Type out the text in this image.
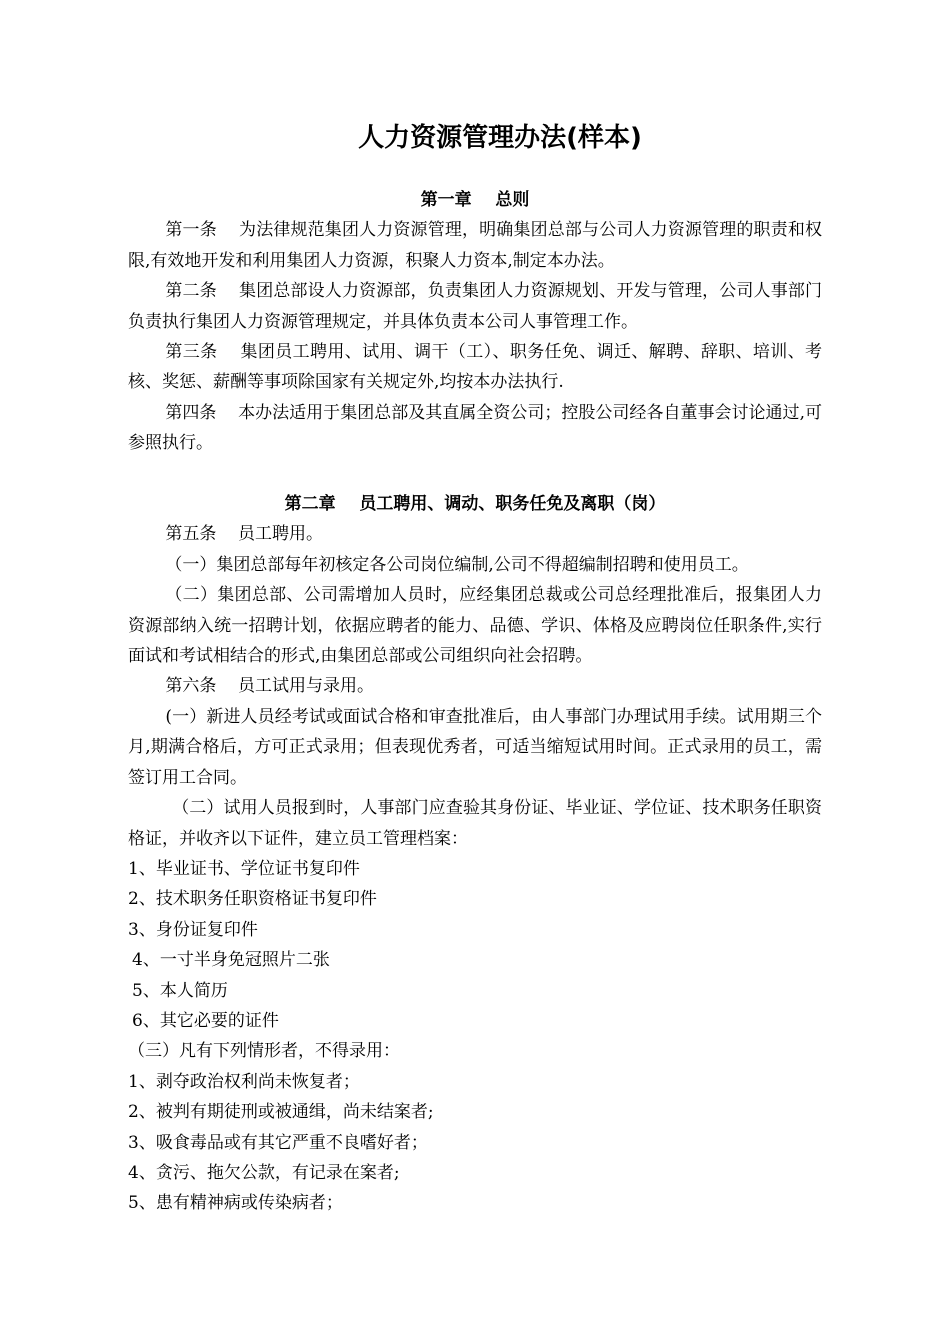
人力资源管理办法(样本)

第一章    总则

第一条    为法律规范集团人力资源管理，明确集团总部与公司人力资源管理的职责和权限,有效地开发和利用集团人力资源，积聚人力资本,制定本办法。

第二条    集团总部设人力资源部，负责集团人力资源规划、开发与管理，公司人事部门负责执行集团人力资源管理规定，并具体负责本公司人事管理工作。

第三条    集团员工聘用、试用、调干（工）、职务任免、调迁、解聘、辞职、培训、考核、奖惩、薪酬等事项除国家有关规定外,均按本办法执行.

第四条    本办法适用于集团总部及其直属全资公司；控股公司经各自董事会讨论通过,可参照执行。

第二章    员工聘用、调动、职务任免及离职（岗）

第五条    员工聘用。

（一）集团总部每年初核定各公司岗位编制,公司不得超编制招聘和使用员工。

（二）集团总部、公司需增加人员时，应经集团总裁或公司总经理批准后，报集团人力资源部纳入统一招聘计划，依据应聘者的能力、品德、学识、体格及应聘岗位任职条件,实行面试和考试相结合的形式,由集团总部或公司组织向社会招聘。

第六条    员工试用与录用。

(一）新进人员经考试或面试合格和审查批准后，由人事部门办理试用手续。试用期三个月,期满合格后，方可正式录用；但表现优秀者，可适当缩短试用时间。正式录用的员工，需签订用工合同。

（二）试用人员报到时，人事部门应查验其身份证、毕业证、学位证、技术职务任职资格证，并收齐以下证件，建立员工管理档案：

1、毕业证书、学位证书复印件

2、技术职务任职资格证书复印件

3、身份证复印件

4、一寸半身免冠照片二张

5、本人简历

6、其它必要的证件

（三）凡有下列情形者，不得录用：

1、剥夺政治权利尚未恢复者；

2、被判有期徒刑或被通缉，尚未结案者;

3、吸食毒品或有其它严重不良嗜好者；

4、贪污、拖欠公款，有记录在案者;

5、患有精神病或传染病者；
